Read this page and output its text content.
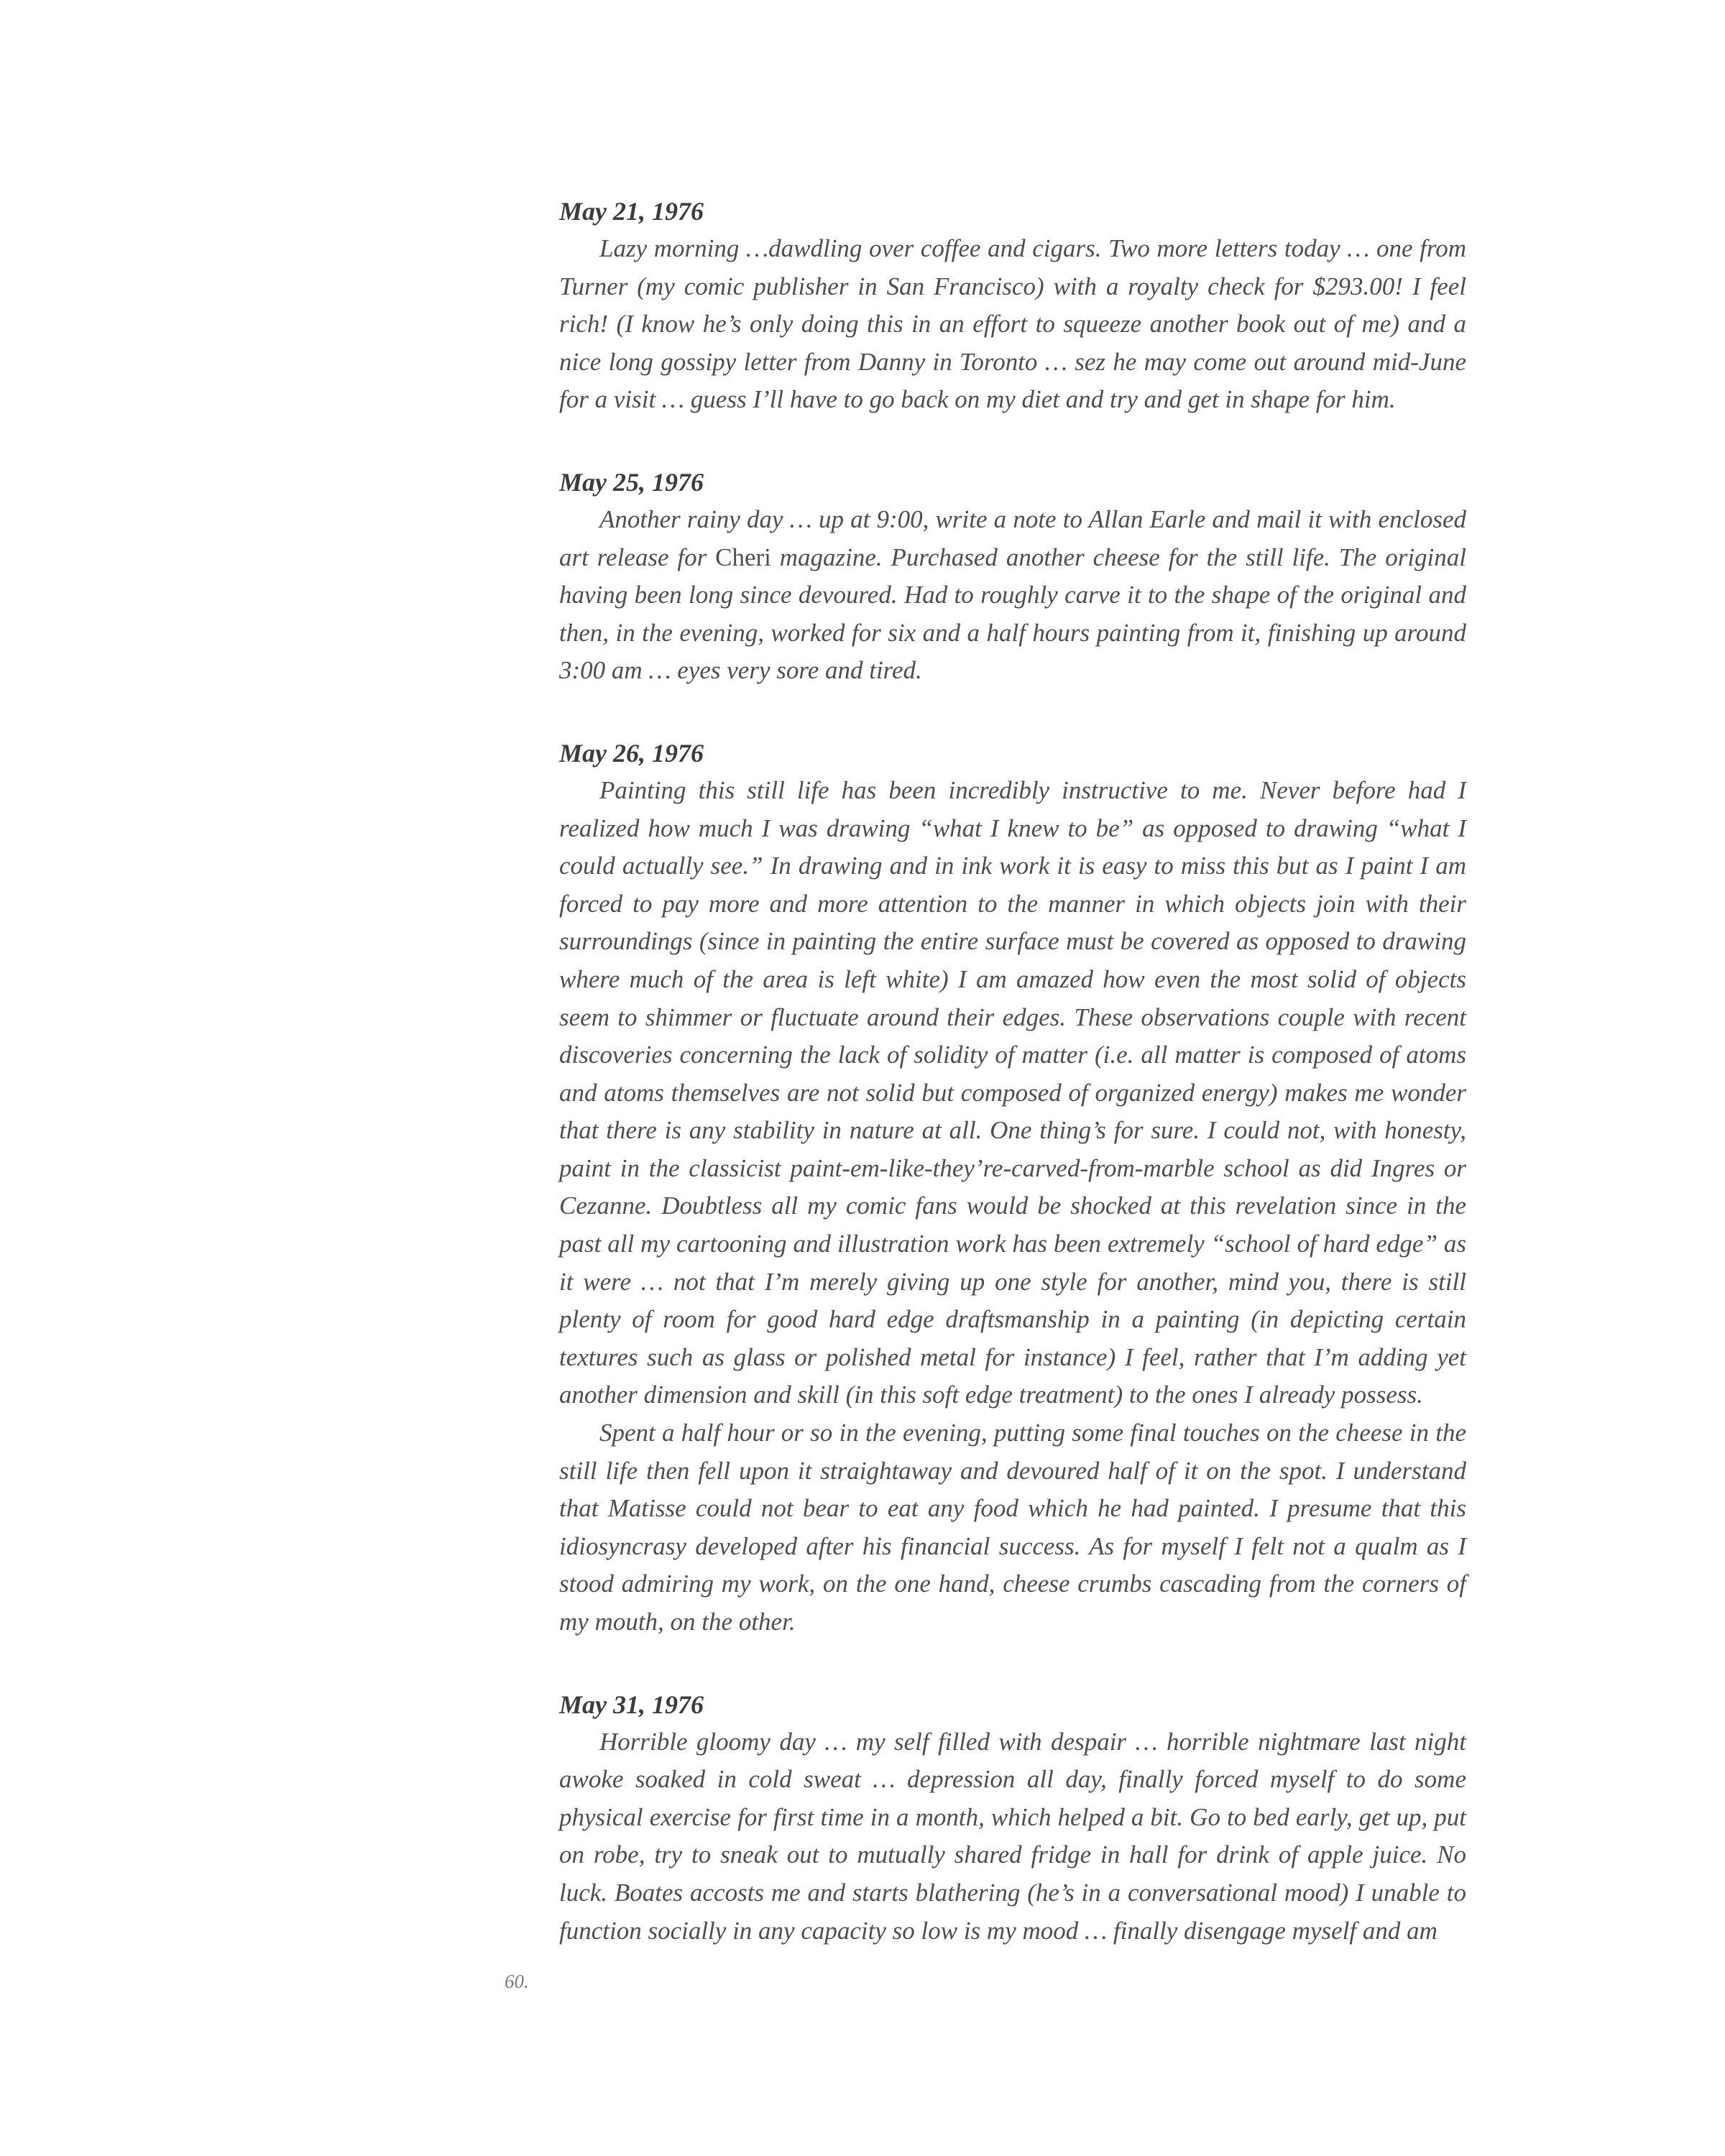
May 21, 1976

Lazy morning …dawdling over coffee and cigars. Two more letters today … one from Turner (my comic publisher in San Francisco) with a royalty check for $293.00! I feel rich! (I know he’s only doing this in an effort to squeeze another book out of me) and a nice long gossipy letter from Danny in Toronto … sez he may come out around mid-June for a visit … guess I’ll have to go back on my diet and try and get in shape for him.

May 25, 1976

Another rainy day … up at 9:00, write a note to Allan Earle and mail it with enclosed art release for Cheri magazine. Purchased another cheese for the still life. The original having been long since devoured. Had to roughly carve it to the shape of the original and then, in the evening, worked for six and a half hours painting from it, finishing up around 3:00 am … eyes very sore and tired.

May 26, 1976

Painting this still life has been incredibly instructive to me. Never before had I realized how much I was drawing “what I knew to be” as opposed to drawing “what I could actually see.” In drawing and in ink work it is easy to miss this but as I paint I am forced to pay more and more attention to the manner in which objects join with their surroundings (since in painting the entire surface must be covered as opposed to drawing where much of the area is left white) I am amazed how even the most solid of objects seem to shimmer or fluctuate around their edges. These observations couple with recent discoveries concerning the lack of solidity of matter (i.e. all matter is composed of atoms and atoms themselves are not solid but composed of organized energy) makes me wonder that there is any stability in nature at all. One thing’s for sure. I could not, with honesty, paint in the classicist paint-em-like-they’re-carved-from-marble school as did Ingres or Cezanne. Doubtless all my comic fans would be shocked at this revelation since in the past all my cartooning and illustration work has been extremely “school of hard edge” as it were … not that I’m merely giving up one style for another, mind you, there is still plenty of room for good hard edge draftsmanship in a painting (in depicting certain textures such as glass or polished metal for instance) I feel, rather that I’m adding yet another dimension and skill (in this soft edge treatment) to the ones I already possess.

Spent a half hour or so in the evening, putting some final touches on the cheese in the still life then fell upon it straightaway and devoured half of it on the spot. I understand that Matisse could not bear to eat any food which he had painted. I presume that this idiosyncrasy developed after his financial success. As for myself I felt not a qualm as I stood admiring my work, on the one hand, cheese crumbs cascading from the corners of my mouth, on the other.

May 31, 1976

Horrible gloomy day … my self filled with despair … horrible nightmare last night awoke soaked in cold sweat … depression all day, finally forced myself to do some physical exercise for first time in a month, which helped a bit. Go to bed early, get up, put on robe, try to sneak out to mutually shared fridge in hall for drink of apple juice. No luck. Boates accosts me and starts blathering (he’s in a conversational mood) I unable to function socially in any capacity so low is my mood … finally disengage myself and am

60.
